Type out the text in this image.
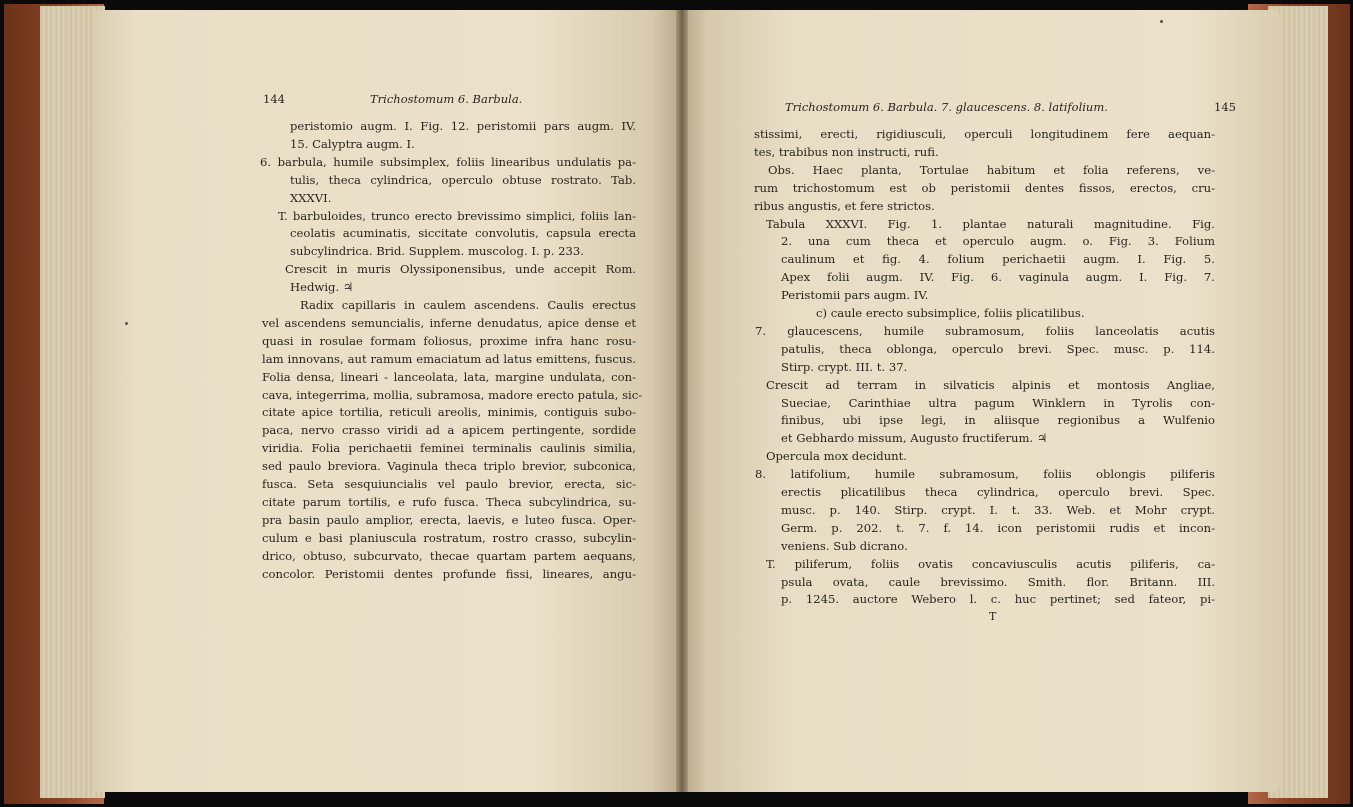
144	Trichostomum 6. Barbula.
peristomio augm. I. Fig. 12. peristomii pars augm. IV.
15. Calyptra augm. I.
6. barbula, humile subsimplex, foliis linearibus undulatis pa-
tulis, theca cylindrica, operculo obtuse rostrato. Tab.
XXXVI.
T. barbuloides, trunco erecto brevissimo simplici, foliis lan-
ceolatis acuminatis, siccitate convolutis, capsula erecta
subcylindrica. Brid. Supplem. muscolog. I. p. 233.
Crescit in muris Olyssiponensibus, unde accepit Rom.
Hedwig. ♃
Radix capillaris in caulem ascendens. Caulis erectus
vel ascendens semuncialis, inferne denudatus, apice dense et
quasi in rosulae formam foliosus, proxime infra hanc rosu-
lam innovans, aut ramum emaciatum ad latus emittens, fuscus.
Folia densa, lineari - lanceolata, lata, margine undulata, con-
cava, integerrima, mollia, subramosa, madore erecto patula, sic-
citate apice tortilia, reticuli areolis, minimis, contiguis subo-
paca, nervo crasso viridi ad a apicem pertingente, sordide
viridia. Folia perichaetii feminei terminalis caulinis similia,
sed paulo breviora. Vaginula theca triplo brevior, subconica,
fusca. Seta sesquiuncialis vel paulo brevior, erecta, sic-
citate parum tortilis, e rufo fusca. Theca subcylindrica, su-
pra basin paulo amplior, erecta, laevis, e luteo fusca. Oper-
culum e basi planiuscula rostratum, rostro crasso, subcylin-
drico, obtuso, subcurvato, thecae quartam partem aequans,
concolor. Peristomii dentes profunde fissi, lineares, angu-
Trichostomum 6. Barbula. 7. glaucescens. 8. latifolium.	145
stissimi, erecti, rigidiusculi, operculi longitudinem fere aequan-
tes, trabibus non instructi, rufi.
Obs. Haec planta, Tortulae habitum et folia referens, ve-
rum trichostomum est ob peristomii dentes fissos, erectos, cru-
ribus angustis, et fere strictos.
Tabula XXXVI. Fig. 1. plantae naturali magnitudine. Fig.
2. una cum theca et operculo augm. o. Fig. 3. Folium
caulinum et fig. 4. folium perichaetii augm. I. Fig. 5.
Apex folii augm. IV. Fig. 6. vaginula augm. I. Fig. 7.
Peristomii pars augm. IV.
c) caule erecto subsimplice, foliis plicatilibus.
7. glaucescens, humile subramosum, foliis lanceolatis acutis
patulis, theca oblonga, operculo brevi. Spec. musc. p. 114.
Stirp. crypt. III. t. 37.
Crescit ad terram in silvaticis alpinis et montosis Angliae,
Sueciae, Carinthiae ultra pagum Winklern in Tyrolis con-
finibus, ubi ipse legi, in aliisque regionibus a Wulfenio
et Gebhardo missum, Augusto fructiferum. ♃
Opercula mox decidunt.
8. latifolium, humile subramosum, foliis oblongis piliferis
erectis plicatilibus theca cylindrica, operculo brevi. Spec.
musc. p. 140. Stirp. crypt. I. t. 33. Web. et Mohr crypt.
Germ. p. 202. t. 7. f. 14. icon peristomii rudis et incon-
veniens. Sub dicrano.
T. piliferum, foliis ovatis concaviusculis acutis piliferis, ca-
psula ovata, caule brevissimo. Smith. flor. Britann. III.
p. 1245. auctore Webero l. c. huc pertinet; sed fateor, pi-
T
